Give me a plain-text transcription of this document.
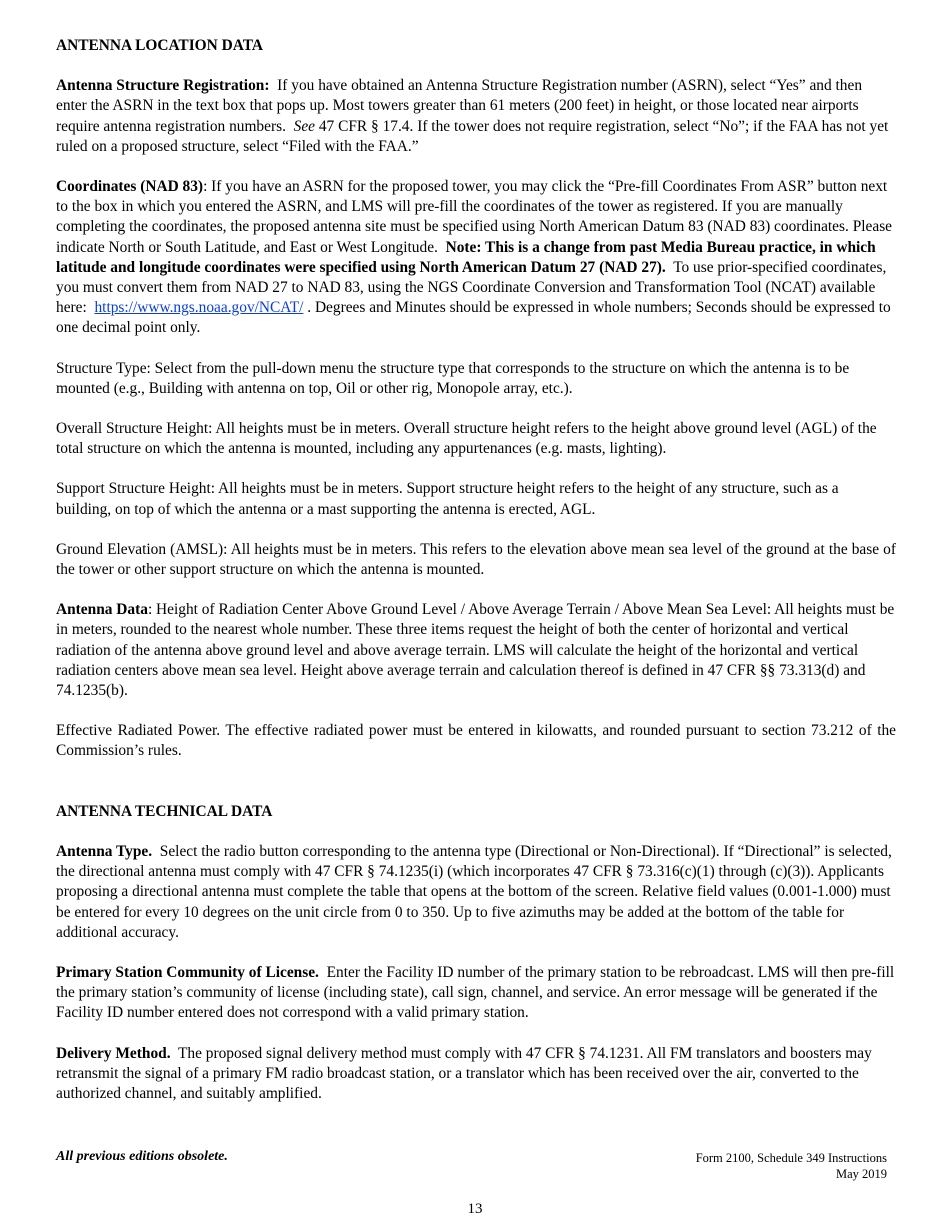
ANTENNA LOCATION DATA

Antenna Structure Registration: If you have obtained an Antenna Structure Registration number (ASRN), select “Yes” and then enter the ASRN in the text box that pops up. Most towers greater than 61 meters (200 feet) in height, or those located near airports require antenna registration numbers. See 47 CFR § 17.4. If the tower does not require registration, select “No”; if the FAA has not yet ruled on a proposed structure, select “Filed with the FAA.”

Coordinates (NAD 83): If you have an ASRN for the proposed tower, you may click the “Pre-fill Coordinates From ASR” button next to the box in which you entered the ASRN, and LMS will pre-fill the coordinates of the tower as registered. If you are manually completing the coordinates, the proposed antenna site must be specified using North American Datum 83 (NAD 83) coordinates. Please indicate North or South Latitude, and East or West Longitude. Note: This is a change from past Media Bureau practice, in which latitude and longitude coordinates were specified using North American Datum 27 (NAD 27). To use prior-specified coordinates, you must convert them from NAD 27 to NAD 83, using the NGS Coordinate Conversion and Transformation Tool (NCAT) available here: https://www.ngs.noaa.gov/NCAT/ . Degrees and Minutes should be expressed in whole numbers; Seconds should be expressed to one decimal point only.

Structure Type: Select from the pull-down menu the structure type that corresponds to the structure on which the antenna is to be mounted (e.g., Building with antenna on top, Oil or other rig, Monopole array, etc.).

Overall Structure Height: All heights must be in meters. Overall structure height refers to the height above ground level (AGL) of the total structure on which the antenna is mounted, including any appurtenances (e.g. masts, lighting).

Support Structure Height: All heights must be in meters. Support structure height refers to the height of any structure, such as a building, on top of which the antenna or a mast supporting the antenna is erected, AGL.

Ground Elevation (AMSL): All heights must be in meters. This refers to the elevation above mean sea level of the ground at the base of the tower or other support structure on which the antenna is mounted.

Antenna Data: Height of Radiation Center Above Ground Level / Above Average Terrain / Above Mean Sea Level: All heights must be in meters, rounded to the nearest whole number. These three items request the height of both the center of horizontal and vertical radiation of the antenna above ground level and above average terrain. LMS will calculate the height of the horizontal and vertical radiation centers above mean sea level. Height above average terrain and calculation thereof is defined in 47 CFR §§ 73.313(d) and 74.1235(b).

Effective Radiated Power. The effective radiated power must be entered in kilowatts, and rounded pursuant to section 73.212 of the Commission’s rules.

ANTENNA TECHNICAL DATA

Antenna Type. Select the radio button corresponding to the antenna type (Directional or Non-Directional). If “Directional” is selected, the directional antenna must comply with 47 CFR § 74.1235(i) (which incorporates 47 CFR § 73.316(c)(1) through (c)(3)). Applicants proposing a directional antenna must complete the table that opens at the bottom of the screen. Relative field values (0.001-1.000) must be entered for every 10 degrees on the unit circle from 0 to 350. Up to five azimuths may be added at the bottom of the table for additional accuracy.

Primary Station Community of License. Enter the Facility ID number of the primary station to be rebroadcast. LMS will then pre-fill the primary station’s community of license (including state), call sign, channel, and service. An error message will be generated if the Facility ID number entered does not correspond with a valid primary station.

Delivery Method. The proposed signal delivery method must comply with 47 CFR § 74.1231. All FM translators and boosters may retransmit the signal of a primary FM radio broadcast station, or a translator which has been received over the air, converted to the authorized channel, and suitably amplified.

All previous editions obsolete.	Form 2100, Schedule 349 Instructions
May 2019
13
